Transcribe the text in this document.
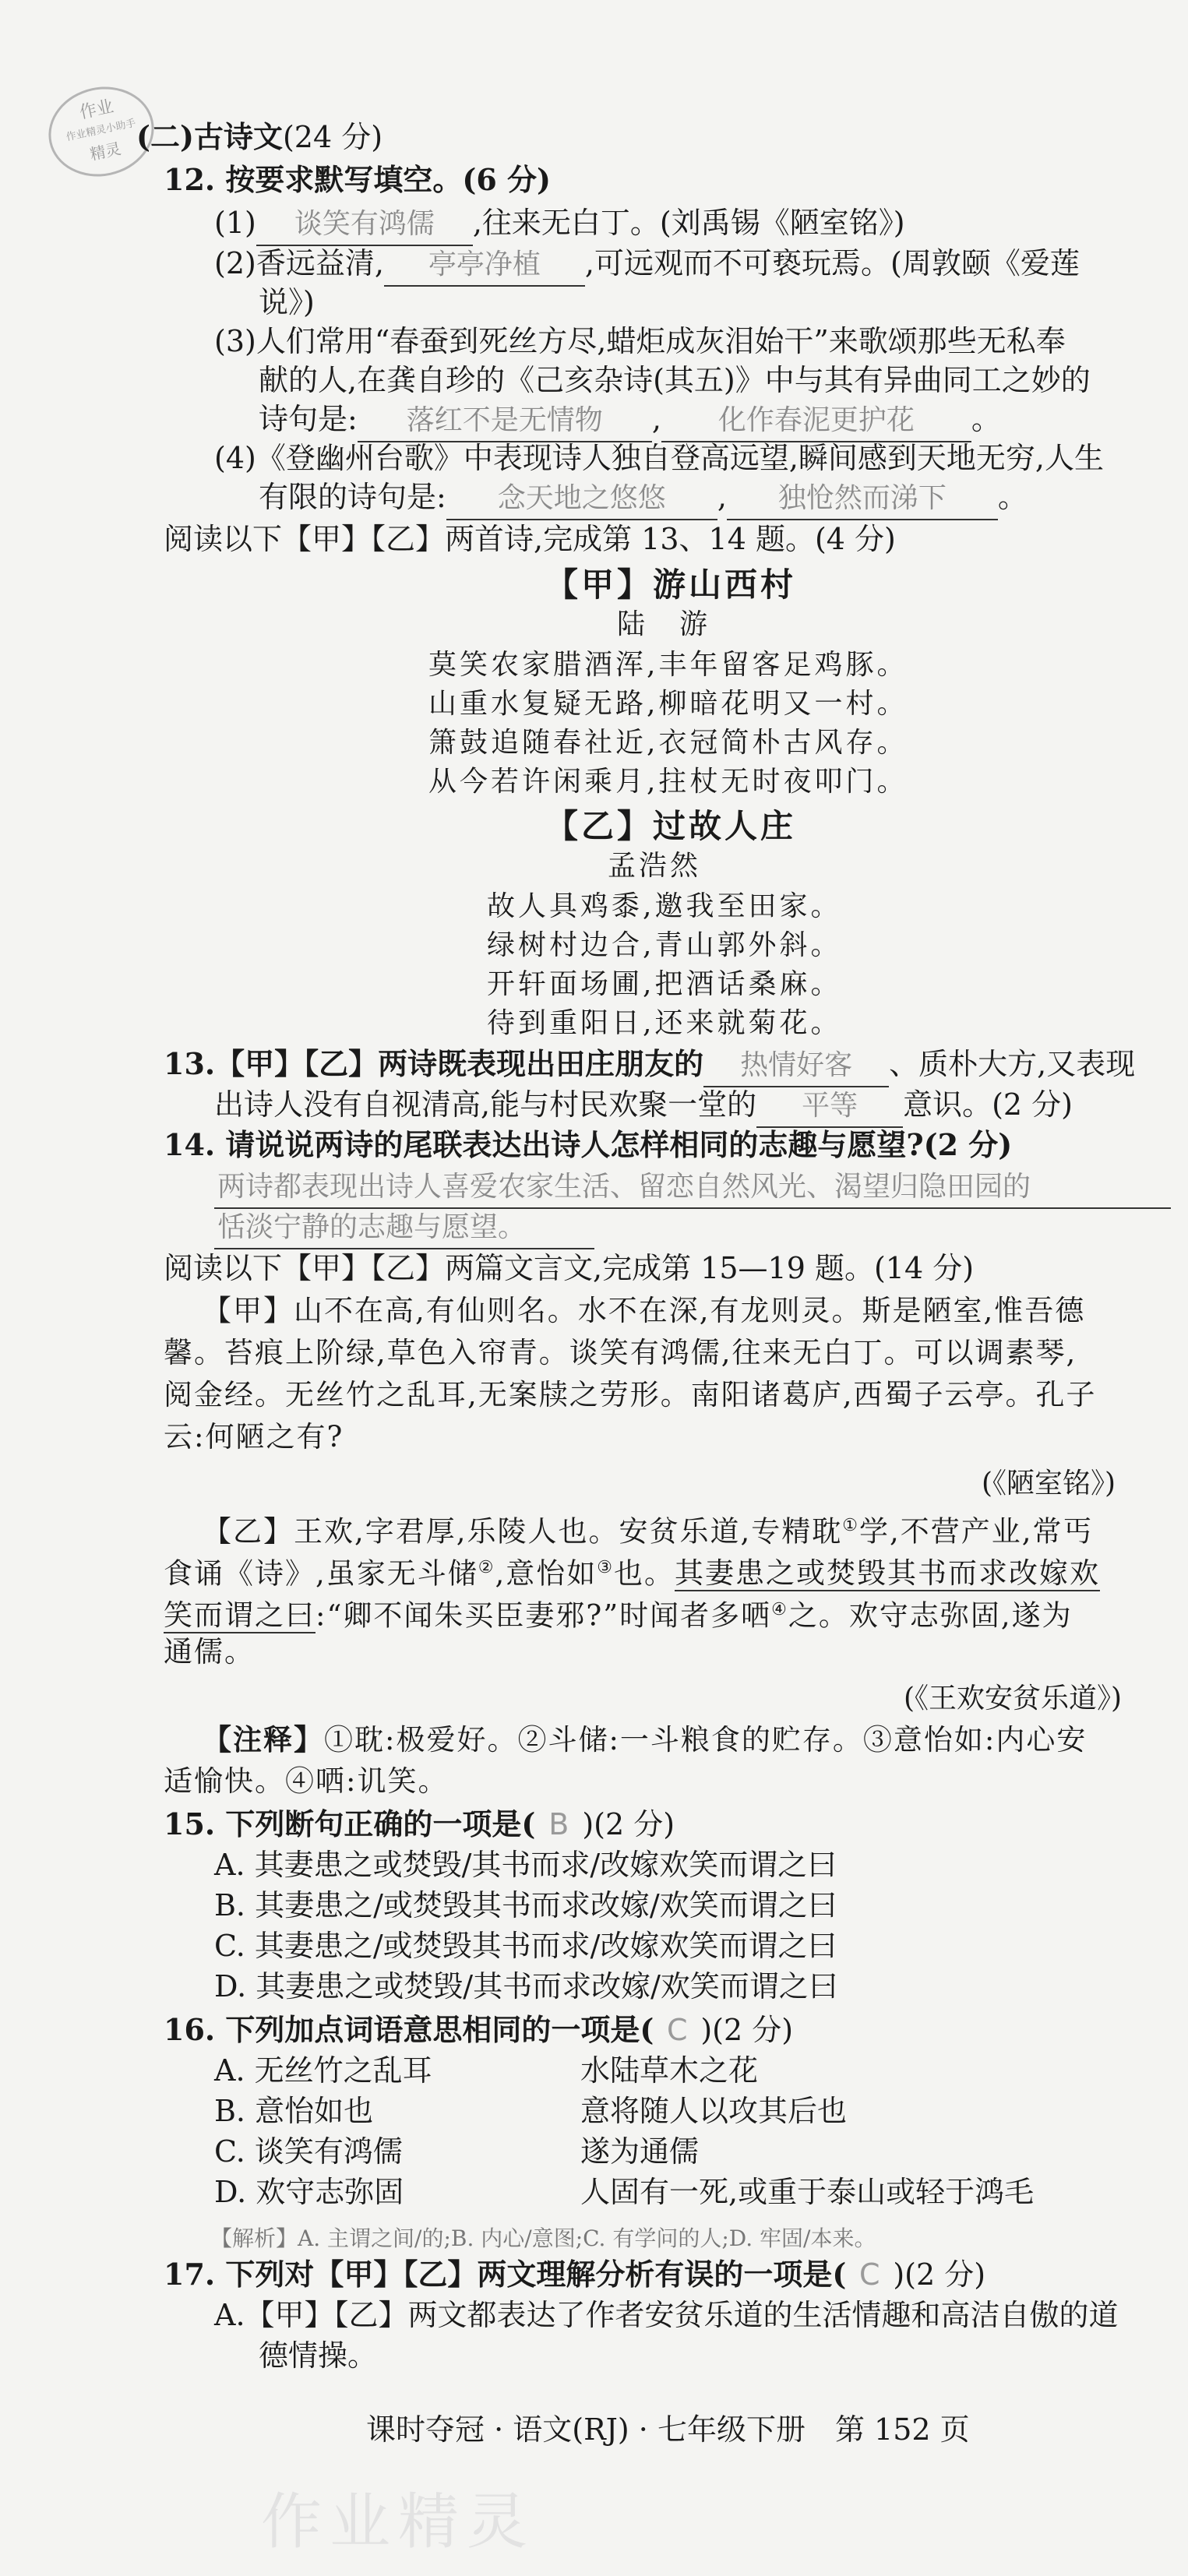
作业
作业精灵小助手
精灵 (二)古诗文(24 分)
12. 按要求默写填空。(6 分)
(1) 谈笑有鸿儒 ,往来无白丁。(刘禹锡《陋室铭》)
(2)香远益清, 亭亭净植 ,可远观而不可亵玩焉。(周敦颐《爱莲
说》)
(3)人们常用“春蚕到死丝方尽,蜡炬成灰泪始干”来歌颂那些无私奉
献的人,在龚自珍的《己亥杂诗(其五)》中与其有异曲同工之妙的
诗句是: 落红不是无情物 , 化作春泥更护花 。
(4)《登幽州台歌》中表现诗人独自登高远望,瞬间感到天地无穷,人生
有限的诗句是: 念天地之悠悠 , 独怆然而涕下 。
阅读以下【甲】【乙】两首诗,完成第 13、14 题。(4 分)
【甲】游山西村
陆　游
莫笑农家腊酒浑,丰年留客足鸡豚。
山重水复疑无路,柳暗花明又一村。
箫鼓追随春社近,衣冠简朴古风存。
从今若许闲乘月,拄杖无时夜叩门。
【乙】过故人庄
孟浩然
故人具鸡黍,邀我至田家。
绿树村边合,青山郭外斜。
开轩面场圃,把酒话桑麻。
待到重阳日,还来就菊花。
13.【甲】【乙】两诗既表现出田庄朋友的 热情好客 、质朴大方,又表现
出诗人没有自视清高,能与村民欢聚一堂的 平等 意识。(2 分)
14. 请说说两诗的尾联表达出诗人怎样相同的志趣与愿望?(2 分)
两诗都表现出诗人喜爱农家生活、留恋自然风光、渴望归隐田园的
恬淡宁静的志趣与愿望。
阅读以下【甲】【乙】两篇文言文,完成第 15—19 题。(14 分)
【甲】山不在高,有仙则名。水不在深,有龙则灵。斯是陋室,惟吾德
馨。苔痕上阶绿,草色入帘青。谈笑有鸿儒,往来无白丁。可以调素琴,
阅金经。无丝竹之乱耳,无案牍之劳形。南阳诸葛庐,西蜀子云亭。孔子
云:何陋之有?
(《陋室铭》)
【乙】王欢,字君厚,乐陵人也。安贫乐道,专精耽①学,不营产业,常丐
食诵《诗》,虽家无斗储②,意怡如③也。其妻患之或焚毁其书而求改嫁欢
笑而谓之曰:“卿不闻朱买臣妻邪?”时闻者多哂④之。欢守志弥固,遂为
通儒。
(《王欢安贫乐道》)
【注释】①耽:极爱好。②斗储:一斗粮食的贮存。③意怡如:内心安
适愉快。④哂:讥笑。
15. 下列断句正确的一项是( B )(2 分)
A. 其妻患之或焚毁/其书而求/改嫁欢笑而谓之曰
B. 其妻患之/或焚毁其书而求改嫁/欢笑而谓之曰
C. 其妻患之/或焚毁其书而求/改嫁欢笑而谓之曰
D. 其妻患之或焚毁/其书而求改嫁/欢笑而谓之曰
16. 下列加点词语意思相同的一项是( C )(2 分)
A. 无丝竹之乱耳	水陆草木之花
B. 意怡如也	意将随人以攻其后也
C. 谈笑有鸿儒	遂为通儒
D. 欢守志弥固	人固有一死,或重于泰山或轻于鸿毛
【解析】A. 主谓之间/的;B. 内心/意图;C. 有学问的人;D. 牢固/本来。
17. 下列对【甲】【乙】两文理解分析有误的一项是( C )(2 分)
A.【甲】【乙】两文都表达了作者安贫乐道的生活情趣和高洁自傲的道
德情操。
课时夺冠 · 语文(RJ) · 七年级下册　第 152 页
作业精灵
